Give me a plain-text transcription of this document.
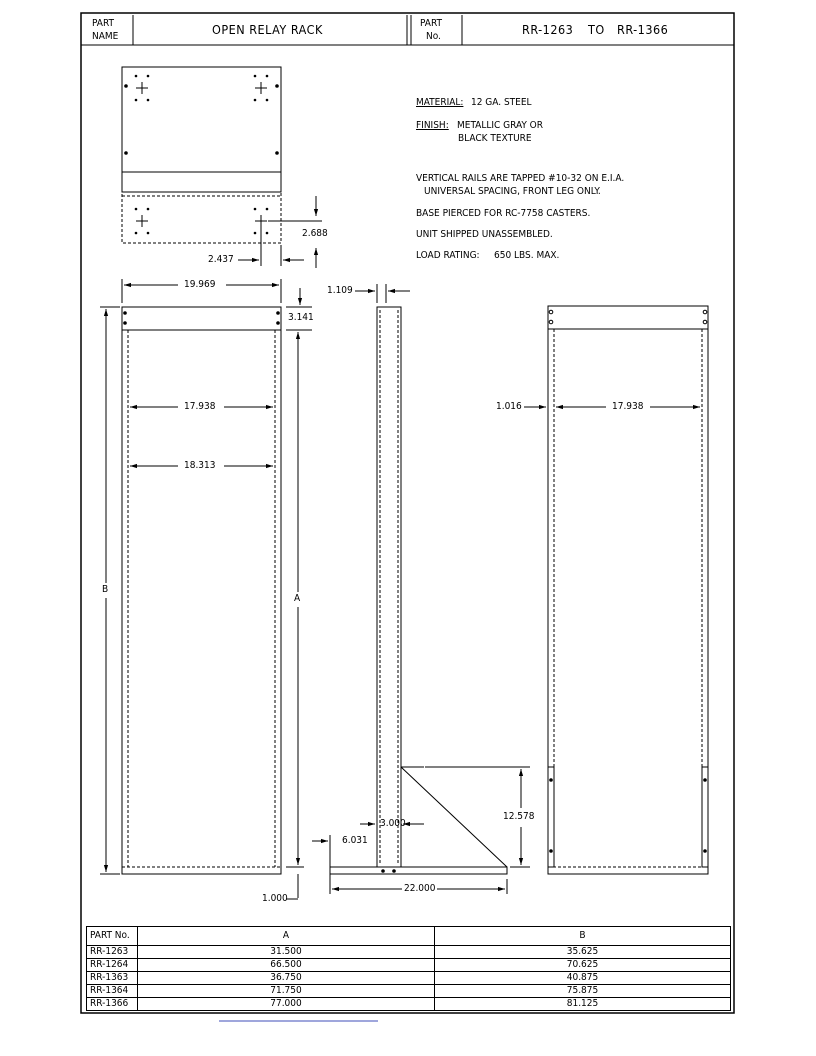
PART
NAME	OPEN RELAY RACK	PART
No.	RR-1263 TO RR-1366
MATERIAL: 12 GA. STEEL
FINISH: METALLIC GRAY OR
BLACK TEXTURE
VERTICAL RAILS ARE TAPPED #10-32 ON E.I.A.
UNIVERSAL SPACING, FRONT LEG ONLY.
BASE PIERCED FOR RC-7758 CASTERS.
UNIT SHIPPED UNASSEMBLED.
LOAD RATING: 650 LBS. MAX.
2.688
2.437
19.969
3.141
17.938
18.313
B
A
1.000
1.109
3.000
6.031
12.578
22.000
1.016	17.938
PART No.	A	B
RR-1263	31.500	35.625
RR-1264	66.500	70.625
RR-1363	36.750	40.875
RR-1364	71.750	75.875
RR-1366	77.000	81.125
